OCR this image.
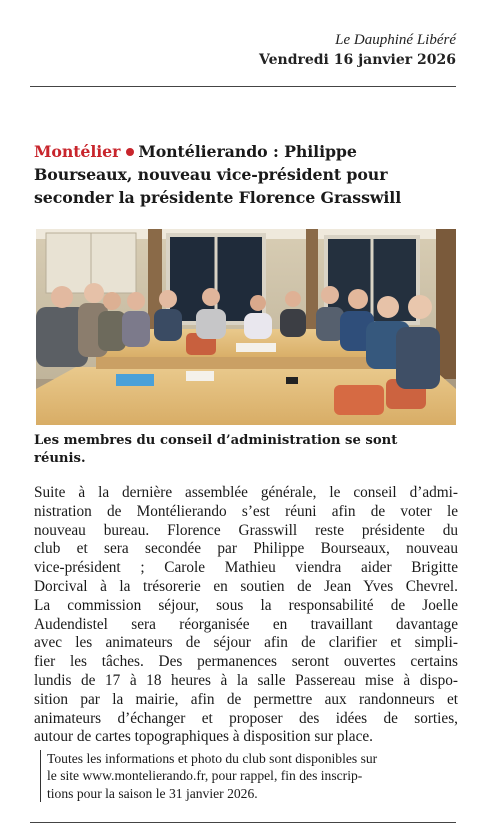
Le Dauphiné Libéré
Vendredi 16 janvier 2026
Montélier Montélierando : Philippe
Bourseaux, nouveau vice-président pour
seconder la présidente Florence Grasswill
Les membres du conseil d’administration se sont
réunis.
Suite à la dernière assemblée générale, le conseil d’admi-
nistration de Montélierando s’est réuni afin de voter le
nouveau bureau. Florence Grasswill reste présidente du
club et sera secondée par Philippe Bourseaux, nouveau
vice-président ; Carole Mathieu viendra aider Brigitte
Dorcival à la trésorerie en soutien de Jean Yves Chevrel.
La commission séjour, sous la responsabilité de Joelle
Audendistel sera réorganisée en travaillant davantage
avec les animateurs de séjour afin de clarifier et simpli-
fier les tâches. Des permanences seront ouvertes certains
lundis de 17 à 18 heures à la salle Passereau mise à dispo-
sition par la mairie, afin de permettre aux randonneurs et
animateurs d’échanger et proposer des idées de sorties,
autour de cartes topographiques à disposition sur place.
Toutes les informations et photo du club sont disponibles sur
le site www.montelierando.fr, pour rappel, fin des inscrip-
tions pour la saison le 31 janvier 2026.
